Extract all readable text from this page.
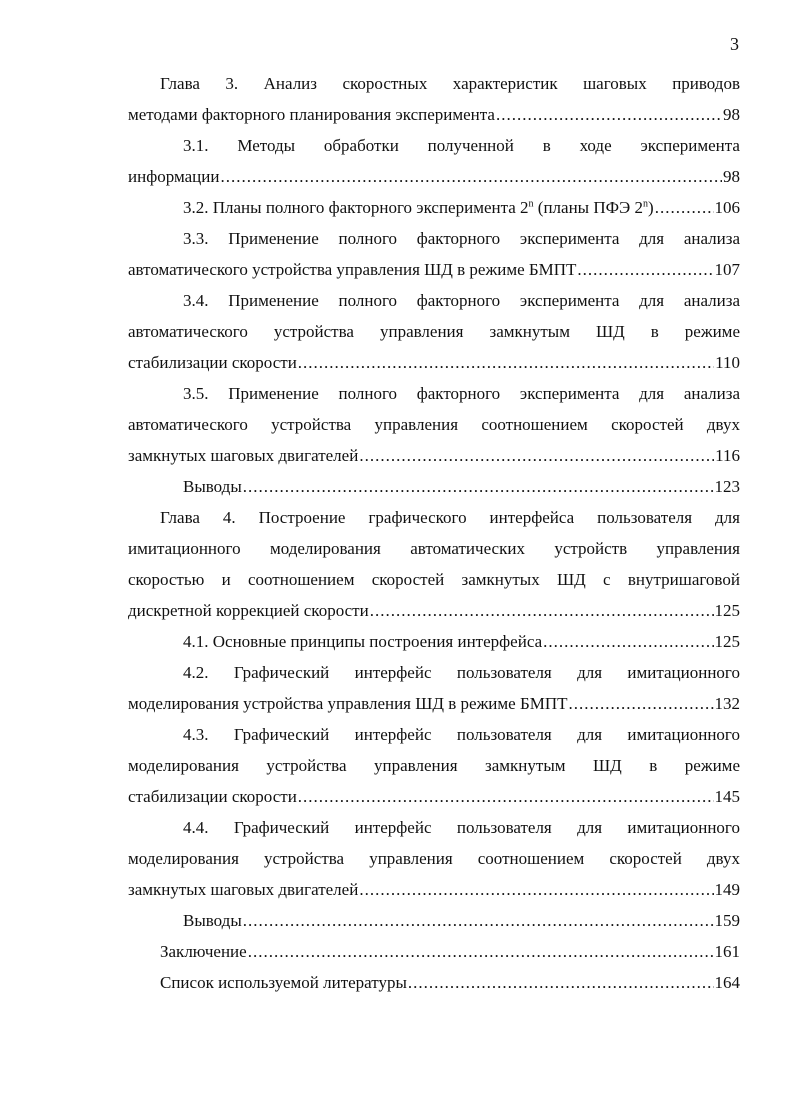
3
Глава 3. Анализ скоростных характеристик шаговых приводов
методами факторного планирования эксперимента .....	98
3.1. Методы обработки полученной в ходе эксперимента
информации .....	98
3.2. Планы полного факторного эксперимента 2$^n$ (планы ПФЭ 2$^n$) .....	106
3.3. Применение полного факторного эксперимента для анализа
автоматического устройства управления ШД в режиме БМПТ .....	107
3.4. Применение полного факторного эксперимента для анализа
автоматического устройства управления замкнутым ШД в режиме
стабилизации скорости .....	110
3.5. Применение полного факторного эксперимента для анализа
автоматического устройства управления соотношением скоростей двух
замкнутых шаговых двигателей .....	116
Выводы .....	123
Глава 4. Построение графического интерфейса пользователя для
имитационного моделирования автоматических устройств управления
скоростью и соотношением скоростей замкнутых ШД с внутришаговой
дискретной коррекцией скорости .....	125
4.1. Основные принципы построения интерфейса .....	125
4.2. Графический интерфейс пользователя для имитационного
моделирования устройства управления ШД в режиме БМПТ .....	132
4.3. Графический интерфейс пользователя для имитационного
моделирования устройства управления замкнутым ШД в режиме
стабилизации скорости .....	145
4.4. Графический интерфейс пользователя для имитационного
моделирования устройства управления соотношением скоростей двух
замкнутых шаговых двигателей .....	149
Выводы .....	159
Заключение .....	161
Список используемой литературы .....	164
